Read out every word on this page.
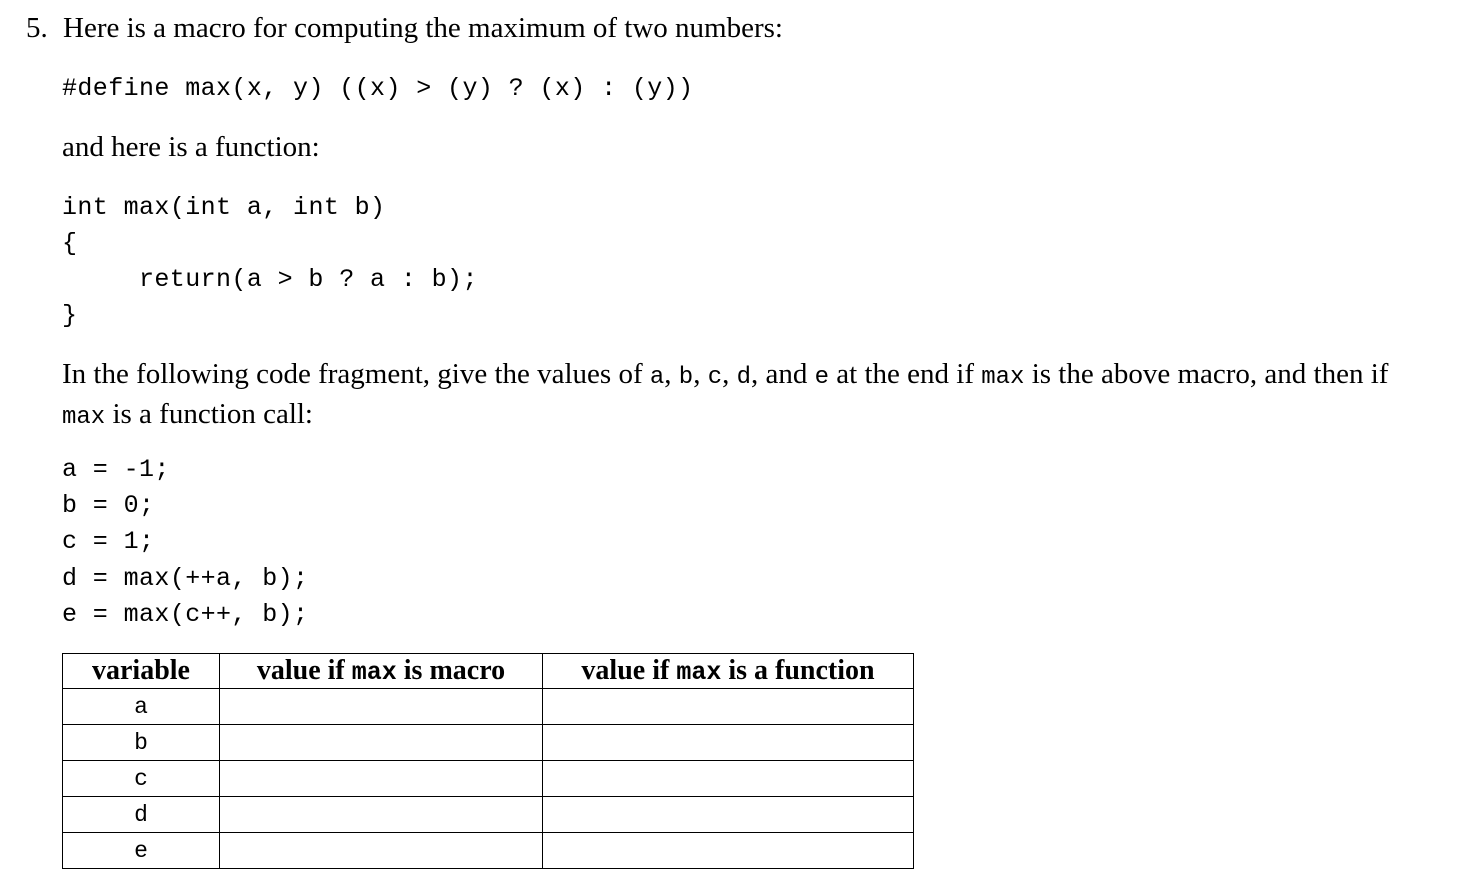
5. Here is a macro for computing the maximum of two numbers:
#define max(x, y) ((x) > (y) ? (x) : (y))
and here is a function:
int max(int a, int b)
{
return(a > b ? a : b);
}

In the following code fragment, give the values of a, b, c, d, and e at the end if max is the above macro, and then if
max is a function call:

a = -1;
b = 0;
c = 1;
d = max(++a, b);
e = max(c++, b);
variable	value if max is macro	value if max is a function
a		
b		
c		
d		
e		
